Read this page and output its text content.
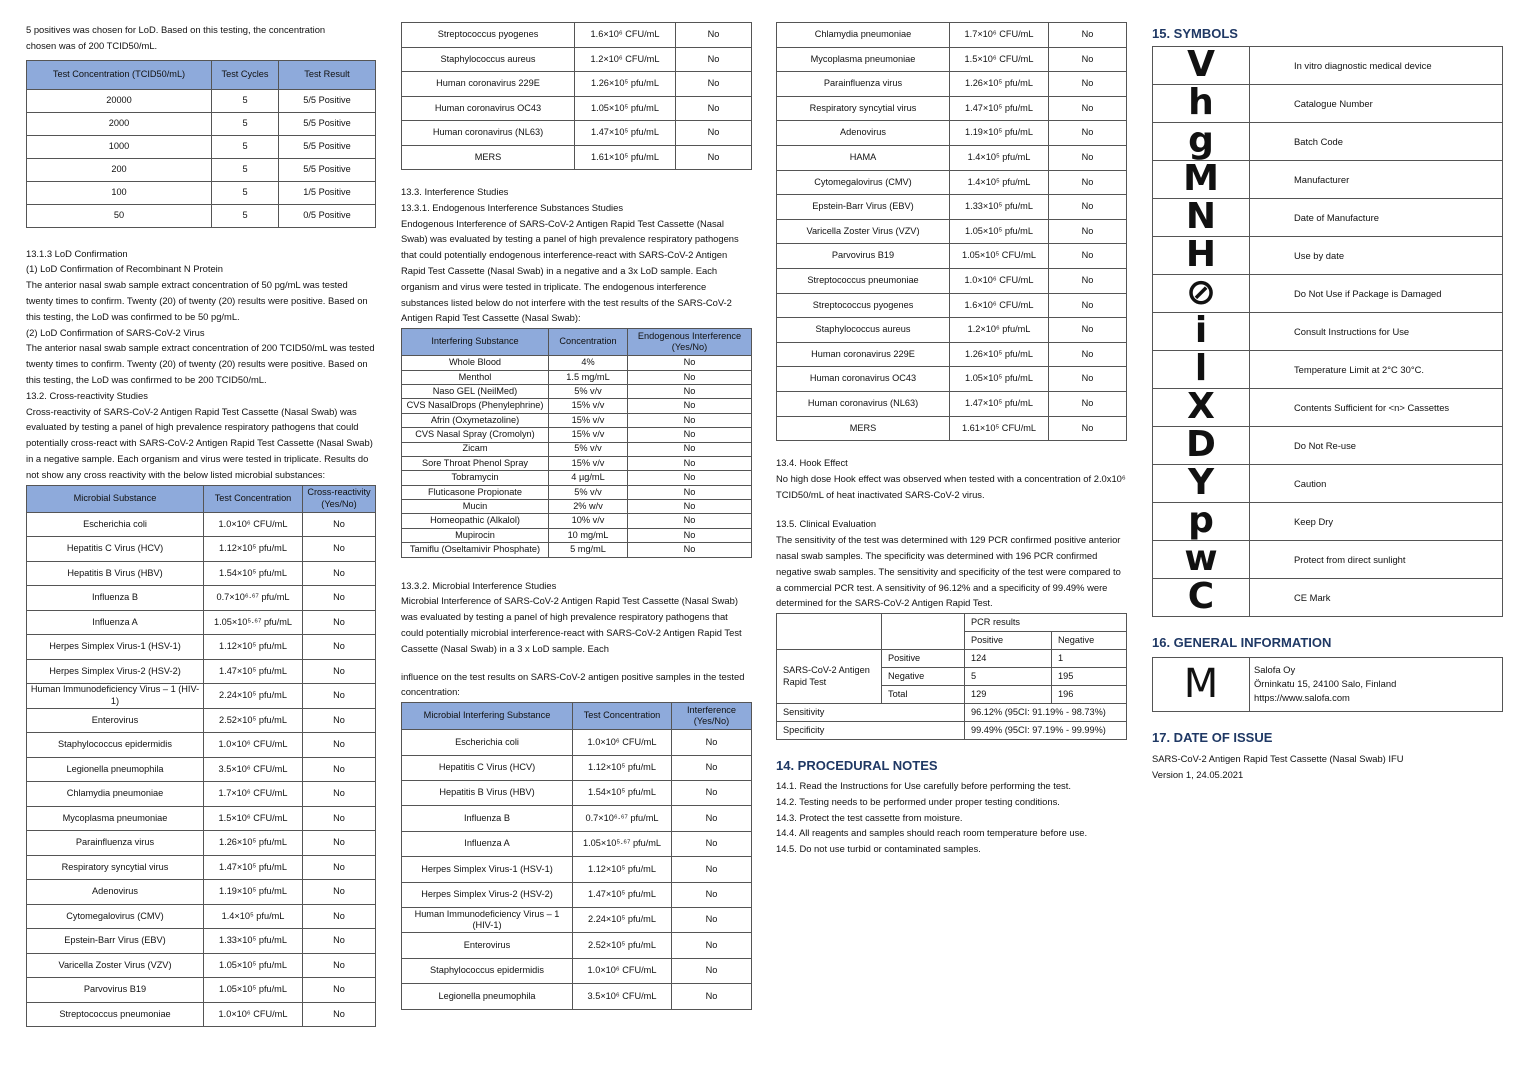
5 positives was chosen for LoD. Based on this testing, the concentration chosen was of 200 TCID50/mL.

Test Concentration (TCID50/mL)	Test Cycles	Test Result
20000	5	5/5 Positive
2000	5	5/5 Positive
1000	5	5/5 Positive
200	5	5/5 Positive
100	5	1/5 Positive
50	5	0/5 Positive

13.1.3 LoD Confirmation

(1) LoD Confirmation of Recombinant N Protein

The anterior nasal swab sample extract concentration of 50 pg/mL was tested twenty times to confirm. Twenty (20) of twenty (20) results were positive. Based on this testing, the LoD was confirmed to be 50 pg/mL.

(2) LoD Confirmation of SARS-CoV-2 Virus

The anterior nasal swab sample extract concentration of 200 TCID50/mL was tested twenty times to confirm. Twenty (20) of twenty (20) results were positive. Based on this testing, the LoD was confirmed to be 200 TCID50/mL.

13.2. Cross-reactivity Studies

Cross-reactivity of SARS-CoV-2 Antigen Rapid Test Cassette (Nasal Swab) was evaluated by testing a panel of high prevalence respiratory pathogens that could potentially cross-react with SARS-CoV-2 Antigen Rapid Test Cassette (Nasal Swab) in a negative sample. Each organism and virus were tested in triplicate. Results do not show any cross reactivity with the below listed microbial substances:

Microbial Substance	Test Concentration	Cross-reactivity (Yes/No)
Escherichia coli	1.0×10⁶ CFU/mL	No
Hepatitis C Virus (HCV)	1.12×10⁵ pfu/mL	No
Hepatitis B Virus (HBV)	1.54×10⁵ pfu/mL	No
Influenza B	0.7×10⁶·⁶⁷ pfu/mL	No
Influenza A	1.05×10⁵·⁶⁷ pfu/mL	No
Herpes Simplex Virus-1 (HSV-1)	1.12×10⁵ pfu/mL	No
Herpes Simplex Virus-2 (HSV-2)	1.47×10⁵ pfu/mL	No
Human Immunodeficiency Virus – 1 (HIV-1)	2.24×10⁵ pfu/mL	No
Enterovirus	2.52×10⁵ pfu/mL	No
Staphylococcus epidermidis	1.0×10⁶ CFU/mL	No
Legionella pneumophila	3.5×10⁶ CFU/mL	No
Chlamydia pneumoniae	1.7×10⁶ CFU/mL	No
Mycoplasma pneumoniae	1.5×10⁶ CFU/mL	No
Parainfluenza virus	1.26×10⁵ pfu/mL	No
Respiratory syncytial virus	1.47×10⁵ pfu/mL	No
Adenovirus	1.19×10⁵ pfu/mL	No
Cytomegalovirus (CMV)	1.4×10⁵ pfu/mL	No
Epstein-Barr Virus (EBV)	1.33×10⁵ pfu/mL	No
Varicella Zoster Virus (VZV)	1.05×10⁵ pfu/mL	No
Parvovirus B19	1.05×10⁵ pfu/mL	No
Streptococcus pneumoniae	1.0×10⁶ CFU/mL	No
Streptococcus pyogenes	1.6×10⁶ CFU/mL	No
Staphylococcus aureus	1.2×10⁶ CFU/mL	No
Human coronavirus 229E	1.26×10⁵ pfu/mL	No
Human coronavirus OC43	1.05×10⁵ pfu/mL	No
Human coronavirus (NL63)	1.47×10⁵ pfu/mL	No
MERS	1.61×10⁵ pfu/mL	No

13.3. Interference Studies

13.3.1. Endogenous Interference Substances Studies

Endogenous Interference of SARS-CoV-2 Antigen Rapid Test Cassette (Nasal Swab) was evaluated by testing a panel of high prevalence respiratory pathogens that could potentially endogenous interference-react with SARS-CoV-2 Antigen Rapid Test Cassette (Nasal Swab) in a negative and a 3x LoD sample. Each organism and virus were tested in triplicate. The endogenous interference substances listed below do not interfere with the test results of the SARS-CoV-2 Antigen Rapid Test Cassette (Nasal Swab):

Interfering Substance	Concentration	Endogenous Interference (Yes/No)
Whole Blood	4%	No
Menthol	1.5 mg/mL	No
Naso GEL (NeilMed)	5% v/v	No
CVS NasalDrops (Phenylephrine)	15% v/v	No
Afrin (Oxymetazoline)	15% v/v	No
CVS Nasal Spray (Cromolyn)	15% v/v	No
Zicam	5% v/v	No
Sore Throat Phenol Spray	15% v/v	No
Tobramycin	4 µg/mL	No
Fluticasone Propionate	5% v/v	No
Mucin	2% w/v	No
Homeopathic (Alkalol)	10% v/v	No
Mupirocin	10 mg/mL	No
Tamiflu (Oseltamivir Phosphate)	5 mg/mL	No

13.3.2. Microbial Interference Studies

Microbial Interference of SARS-CoV-2 Antigen Rapid Test Cassette (Nasal Swab) was evaluated by testing a panel of high prevalence respiratory pathogens that could potentially microbial interference-react with SARS-CoV-2 Antigen Rapid Test Cassette (Nasal Swab) in a 3 x LoD sample. Each

influence on the test results on SARS-CoV-2 antigen positive samples in the tested concentration:

Microbial Interfering Substance	Test Concentration	Interference (Yes/No)
Escherichia coli	1.0×10⁶ CFU/mL	No
Hepatitis C Virus (HCV)	1.12×10⁵ pfu/mL	No
Hepatitis B Virus (HBV)	1.54×10⁵ pfu/mL	No
Influenza B	0.7×10⁶·⁶⁷ pfu/mL	No
Influenza A	1.05×10⁵·⁶⁷ pfu/mL	No
Herpes Simplex Virus-1 (HSV-1)	1.12×10⁵ pfu/mL	No
Herpes Simplex Virus-2 (HSV-2)	1.47×10⁵ pfu/mL	No
Human Immunodeficiency Virus – 1 (HIV-1)	2.24×10⁵ pfu/mL	No
Enterovirus	2.52×10⁵ pfu/mL	No
Staphylococcus epidermidis	1.0×10⁶ CFU/mL	No
Legionella pneumophila	3.5×10⁶ CFU/mL	No
Chlamydia pneumoniae	1.7×10⁶ CFU/mL	No
Mycoplasma pneumoniae	1.5×10⁶ CFU/mL	No
Parainfluenza virus	1.26×10⁵ pfu/mL	No
Respiratory syncytial virus	1.47×10⁵ pfu/mL	No
Adenovirus	1.19×10⁵ pfu/mL	No
HAMA	1.4×10⁵ pfu/mL	No
Cytomegalovirus (CMV)	1.4×10⁵ pfu/mL	No
Epstein-Barr Virus (EBV)	1.33×10⁵ pfu/mL	No
Varicella Zoster Virus (VZV)	1.05×10⁵ pfu/mL	No
Parvovirus B19	1.05×10⁵ CFU/mL	No
Streptococcus pneumoniae	1.0×10⁶ CFU/mL	No
Streptococcus pyogenes	1.6×10⁶ CFU/mL	No
Staphylococcus aureus	1.2×10⁶ pfu/mL	No
Human coronavirus 229E	1.26×10⁵ pfu/mL	No
Human coronavirus OC43	1.05×10⁵ pfu/mL	No
Human coronavirus (NL63)	1.47×10⁵ pfu/mL	No
MERS	1.61×10⁵ CFU/mL	No

13.4. Hook Effect

No high dose Hook effect was observed when tested with a concentration of 2.0x10⁶ TCID50/mL of heat inactivated SARS-CoV-2 virus.

13.5. Clinical Evaluation

The sensitivity of the test was determined with 129 PCR confirmed positive anterior nasal swab samples. The specificity was determined with 196 PCR confirmed negative swab samples. The sensitivity and specificity of the test were compared to a commercial PCR test. A sensitivity of 96.12% and a specificity of 99.49% were determined for the SARS-CoV-2 Antigen Rapid Test.

		PCR results	
		Positive	Negative
SARS-CoV-2 Antigen Rapid Test	Positive	124	1
	Negative	5	195
	Total	129	196
Sensitivity		96.12% (95CI: 91.19% - 98.73%)	
Specificity		99.49% (95CI: 97.19% - 99.99%)	

14. PROCEDURAL NOTES

14.1. Read the Instructions for Use carefully before performing the test.

14.2. Testing needs to be performed under proper testing conditions.

14.3. Protect the test cassette from moisture.

14.4. All reagents and samples should reach room temperature before use.

14.5. Do not use turbid or contaminated samples.

15. SYMBOLS

V	In vitro diagnostic medical device
h	Catalogue Number
g	Batch Code
M	Manufacturer
N	Date of Manufacture
H	Use by date
⊘	Do Not Use if Package is Damaged
i	Consult Instructions for Use
l	Temperature Limit at 2°C 30°C.
X	Contents Sufficient for <n> Cassettes
D	Do Not Re-use
Y	Caution
p	Keep Dry
w	Protect from direct sunlight
C	CE Mark

16. GENERAL INFORMATION

M	Salofa Oy
Örninkatu 15, 24100 Salo, Finland
https://www.salofa.com

17. DATE OF ISSUE

SARS-CoV-2 Antigen Rapid Test Cassette (Nasal Swab) IFU

Version 1, 24.05.2021
